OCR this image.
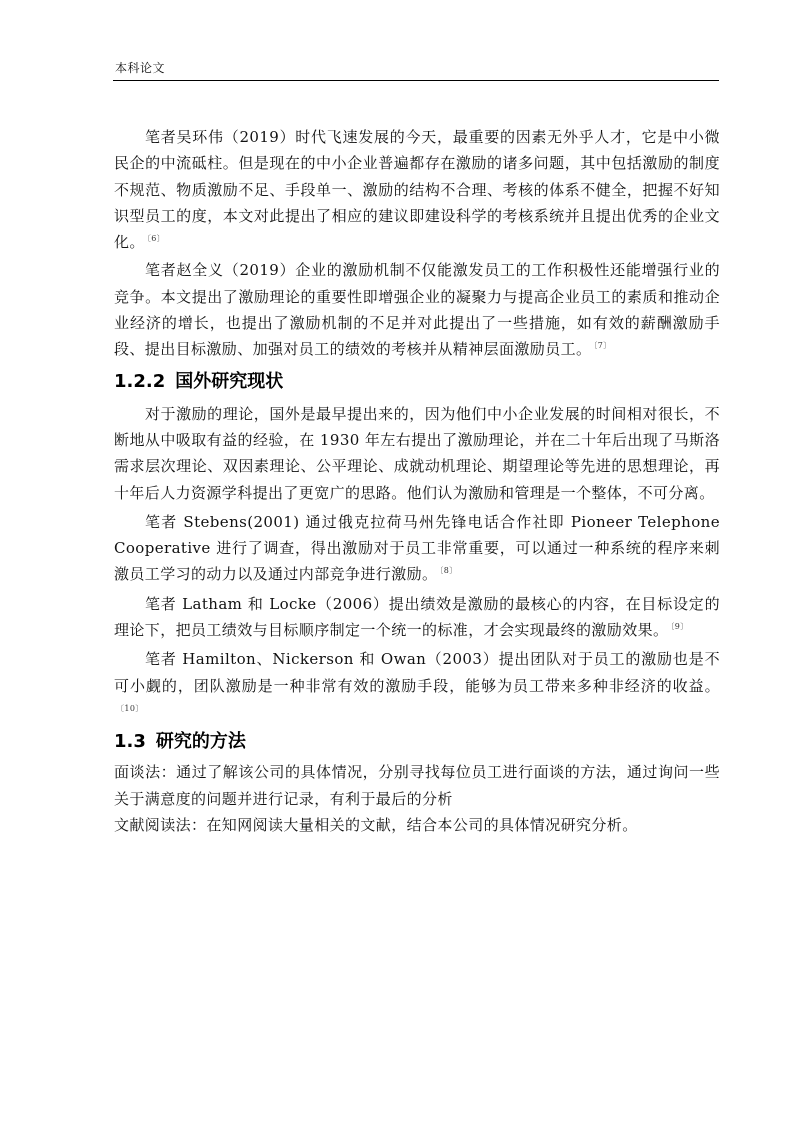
本科论文

笔者吴环伟（2019）时代飞速发展的今天，最重要的因素无外乎人才，它是中小微民企的中流砥柱。但是现在的中小企业普遍都存在激励的诸多问题，其中包括激励的制度不规范、物质激励不足、手段单一、激励的结构不合理、考核的体系不健全，把握不好知识型员工的度，本文对此提出了相应的建议即建设科学的考核系统并且提出优秀的企业文化。 $^{〔6〕}$

笔者赵全义（2019）企业的激励机制不仅能激发员工的工作积极性还能增强行业的竞争。本文提出了激励理论的重要性即增强企业的凝聚力与提高企业员工的素质和推动企业经济的增长，也提出了激励机制的不足并对此提出了一些措施，如有效的薪酬激励手段、提出目标激励、加强对员工的绩效的考核并从精神层面激励员工。 $^{〔7〕}$

1.2.2 国外研究现状

对于激励的理论，国外是最早提出来的，因为他们中小企业发展的时间相对很长，不断地从中吸取有益的经验，在 1930 年左右提出了激励理论，并在二十年后出现了马斯洛需求层次理论、双因素理论、公平理论、成就动机理论、期望理论等先进的思想理论，再十年后人力资源学科提出了更宽广的思路。他们认为激励和管理是一个整体，不可分离。

笔者 Stebens(2001) 通过俄克拉荷马州先锋电话合作社即 Pioneer Telephone Cooperative 进行了调查，得出激励对于员工非常重要，可以通过一种系统的程序来刺激员工学习的动力以及通过内部竞争进行激励。 $^{〔8〕}$

笔者 Latham 和 Locke（2006）提出绩效是激励的最核心的内容，在目标设定的理论下，把员工绩效与目标顺序制定一个统一的标准，才会实现最终的激励效果。 $^{〔9〕}$

笔者 Hamilton、Nickerson 和 Owan（2003）提出团队对于员工的激励也是不可小觑的，团队激励是一种非常有效的激励手段，能够为员工带来多种非经济的收益。$^{〔10〕}$

1.3 研究的方法

面谈法：通过了解该公司的具体情况，分别寻找每位员工进行面谈的方法，通过询问一些关于满意度的问题并进行记录，有利于最后的分析

文献阅读法：在知网阅读大量相关的文献，结合本公司的具体情况研究分析。
